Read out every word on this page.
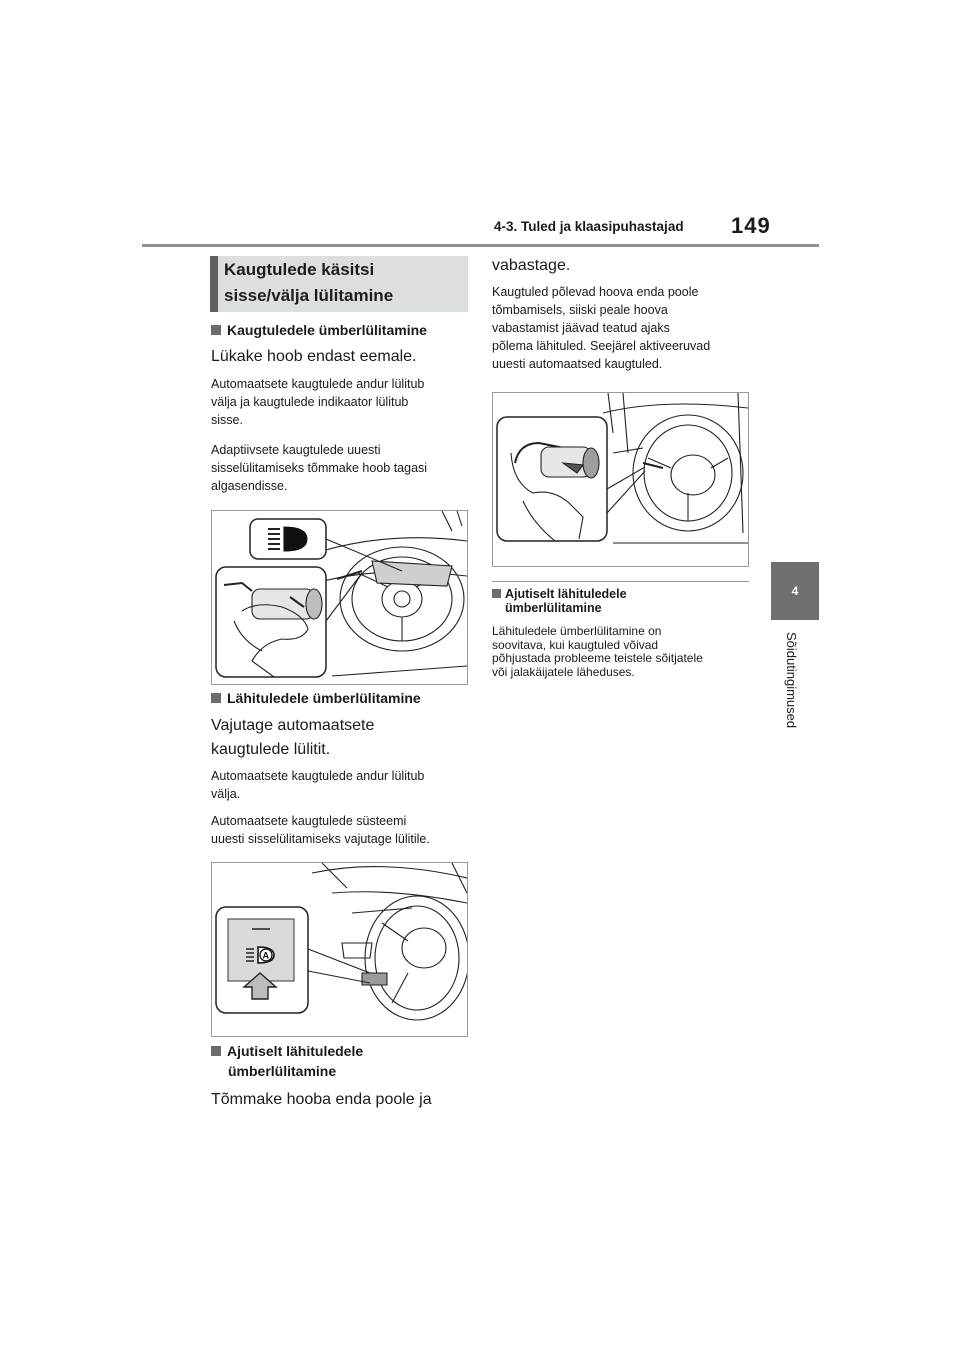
4-3. Tuled ja klaasipuhastajad 149
4
Sõidutingimused
Kaugtulede käsitsi
sisse/välja lülitamine
Kaugtuledele ümberlülitamine
Lükake hoob endast eemale.
Automaatsete kaugtulede andur lülitub
välja ja kaugtulede indikaator lülitub
sisse.
Adaptiivsete kaugtulede uuesti
sisselülitamiseks tõmmake hoob tagasi
algasendisse.
Lähituledele ümberlülitamine
Vajutage automaatsete
kaugtulede lülitit.
Automaatsete kaugtulede andur lülitub
välja.
Automaatsete kaugtulede süsteemi
uuesti sisselülitamiseks vajutage lülitile.
A
Ajutiselt lähituledele
ümberlülitamine
Tõmmake hooba enda poole ja
vabastage.
Kaugtuled põlevad hoova enda poole
tõmbamisels, siiski peale hoova
vabastamist jäävad teatud ajaks
põlema lähituled. Seejärel aktiveeruvad
uuesti automaatsed kaugtuled.
Ajutiselt lähituledele
ümberlülitamine
Lähituledele ümberlülitamine on
soovitava, kui kaugtuled võivad
põhjustada probleeme teistele sõitjatele
või jalakäijatele läheduses.
